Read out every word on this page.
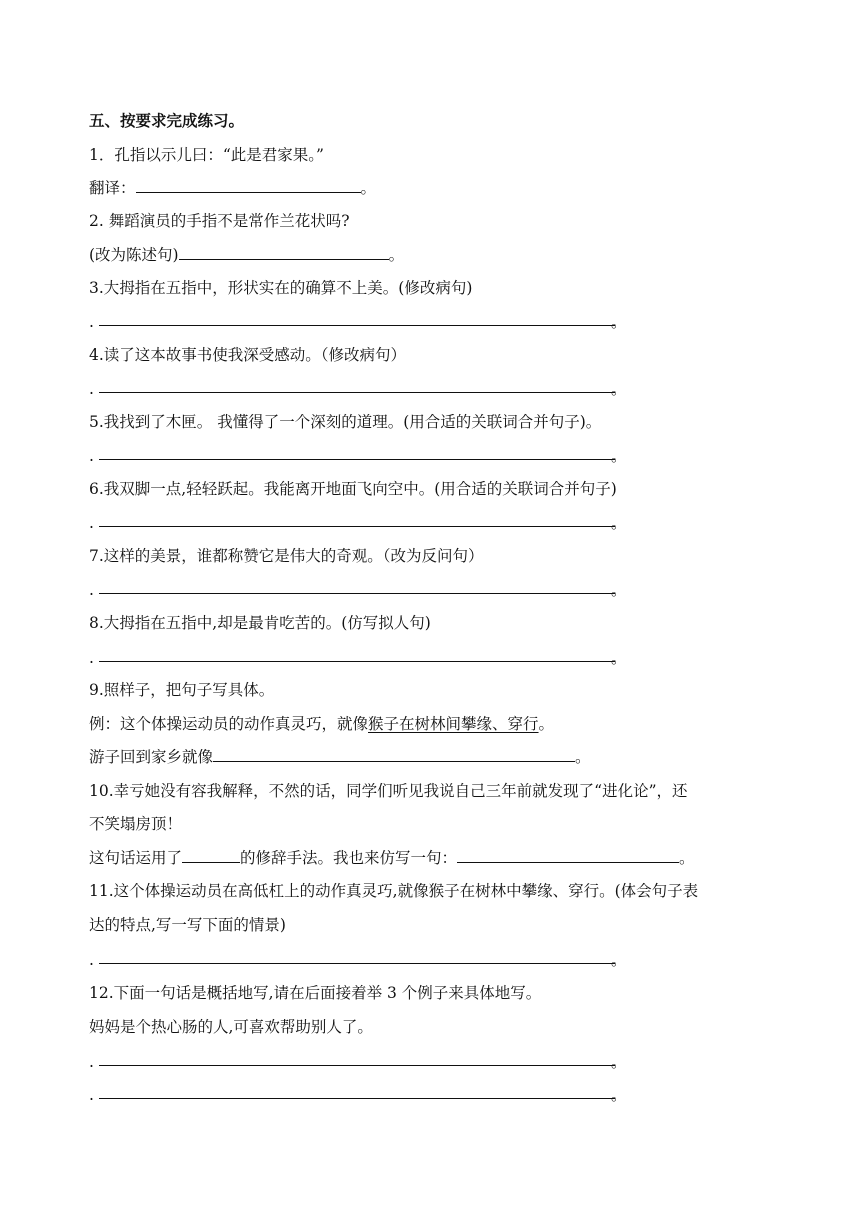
五、按要求完成练习。
1．孔指以示儿曰：“此是君家果。”
翻译：	。
2. 舞蹈演员的手指不是常作兰花状吗?
(改为陈述句)	。
3.大拇指在五指中，形状实在的确算不上美。(修改病句)
.	。
4.读了这本故事书使我深受感动。（修改病句）
.	。
5.我找到了木匣。 我懂得了一个深刻的道理。(用合适的关联词合并句子)。
.	。
6.我双脚一点,轻轻跃起。我能离开地面飞向空中。(用合适的关联词合并句子)
.	。
7.这样的美景，谁都称赞它是伟大的奇观。（改为反问句）
.	。
8.大拇指在五指中,却是最肯吃苦的。(仿写拟人句)
.	。
9.照样子，把句子写具体。
例：这个体操运动员的动作真灵巧，就像猴子在树林间攀缘、穿行。
游子回到家乡就像	。
10.幸亏她没有容我解释，不然的话，同学们听见我说自己三年前就发现了“进化论”，还
不笑塌房顶！
这句话运用了	的修辞手法。我也来仿写一句：	。
11.这个体操运动员在高低杠上的动作真灵巧,就像猴子在树林中攀缘、穿行。(体会句子表
达的特点,写一写下面的情景)
.	。
12.下面一句话是概括地写,请在后面接着举 3 个例子来具体地写。
妈妈是个热心肠的人,可喜欢帮助别人了。
.	。
.	。
